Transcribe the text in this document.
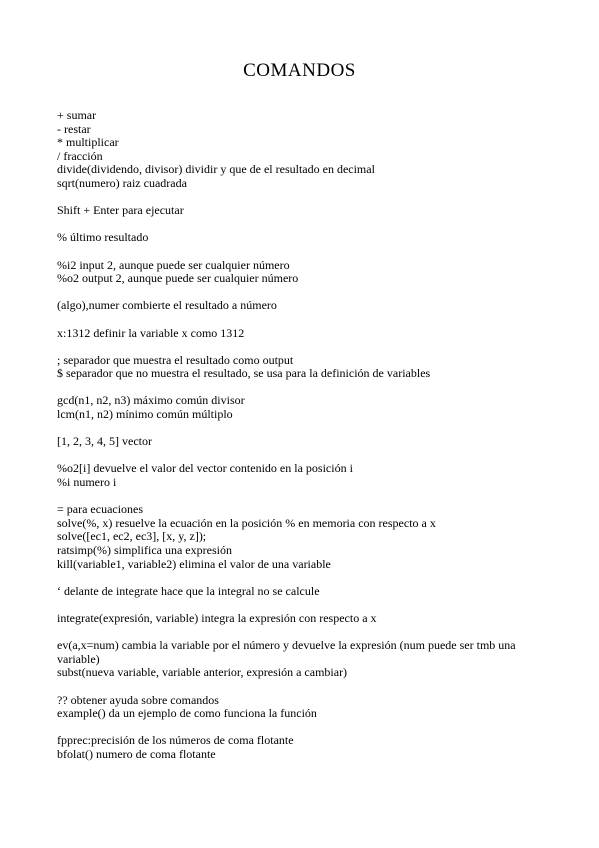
COMANDOS
+ sumar
- restar
* multiplicar
/ fracción
divide(dividendo, divisor) dividir y que de el resultado en decimal
sqrt(numero) raiz cuadrada
Shift + Enter para ejecutar
% último resultado
%i2 input 2, aunque puede ser cualquier número
%o2 output 2, aunque puede ser cualquier número
(algo),numer combierte el resultado a número
x:1312 definir la variable x como 1312
; separador que muestra el resultado como output
$ separador que no muestra el resultado, se usa para la definición de variables
gcd(n1, n2, n3) máximo común divisor
lcm(n1, n2) mínimo común múltiplo
[1, 2, 3, 4, 5] vector
%o2[i] devuelve el valor del vector contenido en la posición i
%i numero i
= para ecuaciones
solve(%, x) resuelve la ecuación en la posición % en memoria con respecto a x
solve([ec1, ec2, ec3], [x, y, z]);
ratsimp(%) simplifica una expresión
kill(variable1, variable2) elimina el valor de una variable
‘ delante de integrate hace que la integral no se calcule
integrate(expresión, variable) integra la expresión con respecto a x
ev(a,x=num) cambia la variable por el número y devuelve la expresión (num puede ser tmb una variable)
subst(nueva variable, variable anterior, expresión a cambiar)
?? obtener ayuda sobre comandos
example() da un ejemplo de como funciona la función
fpprec:precisión de los números de coma flotante
bfolat() numero de coma flotante
